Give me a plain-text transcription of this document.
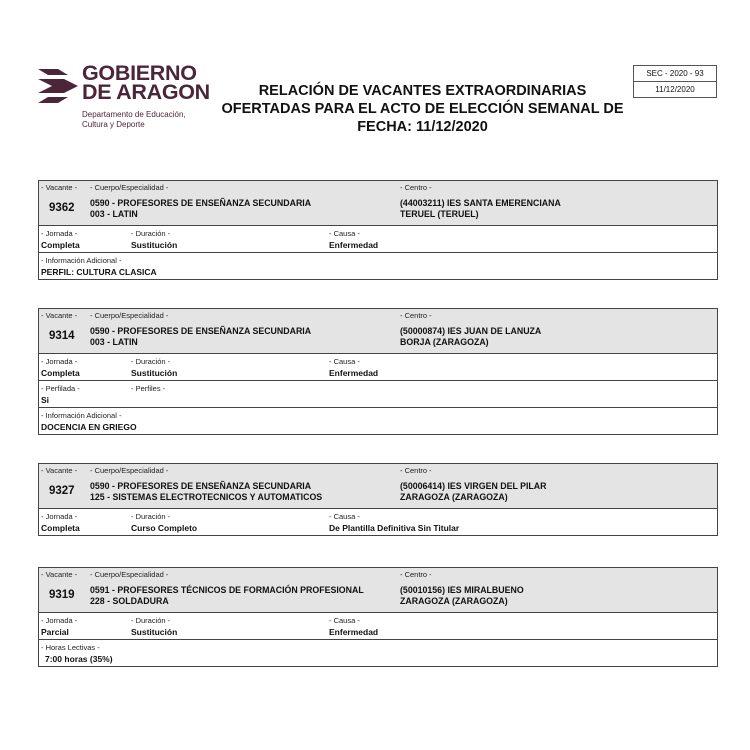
GOBIERNO
DE ARAGON
Departamento de Educación,
Cultura y Deporte
RELACIÓN DE VACANTES EXTRAORDINARIAS
OFERTADAS PARA EL ACTO DE ELECCIÓN SEMANAL DE
FECHA: 11/12/2020
SEC - 2020 - 93
11/12/2020
- Vacante - - Cuerpo/Especialidad -	- Centro -
9362 0590 - PROFESORES DE ENSEÑANZA SECUNDARIA
003 - LATIN
(44003211) IES SANTA EMERENCIANA
TERUEL (TERUEL)
- Jornada -	- Duración -	- Causa -
Completa	Sustitución	Enfermedad
- Información Adicional -
PERFIL: CULTURA CLASICA
- Vacante - - Cuerpo/Especialidad -	- Centro -
9314 0590 - PROFESORES DE ENSEÑANZA SECUNDARIA
003 - LATIN
(50000874) IES JUAN DE LANUZA
BORJA (ZARAGOZA)
- Jornada -	- Duración -	- Causa -
Completa	Sustitución	Enfermedad
- Perfilada -	- Perfiles -
Si
- Información Adicional -
DOCENCIA EN GRIEGO
- Vacante - - Cuerpo/Especialidad -	- Centro -
9327 0590 - PROFESORES DE ENSEÑANZA SECUNDARIA
125 - SISTEMAS ELECTROTECNICOS Y AUTOMATICOS
(50006414) IES VIRGEN DEL PILAR
ZARAGOZA (ZARAGOZA)
- Jornada -	- Duración -	- Causa -
Completa	Curso Completo	De Plantilla Definitiva Sin Titular
- Vacante - - Cuerpo/Especialidad -	- Centro -
9319 0591 - PROFESORES TÉCNICOS DE FORMACIÓN PROFESIONAL
228 - SOLDADURA
(50010156) IES MIRALBUENO
ZARAGOZA (ZARAGOZA)
- Jornada -	- Duración -	- Causa -
Parcial	Sustitución	Enfermedad
- Horas Lectivas -
7:00 horas (35%)
